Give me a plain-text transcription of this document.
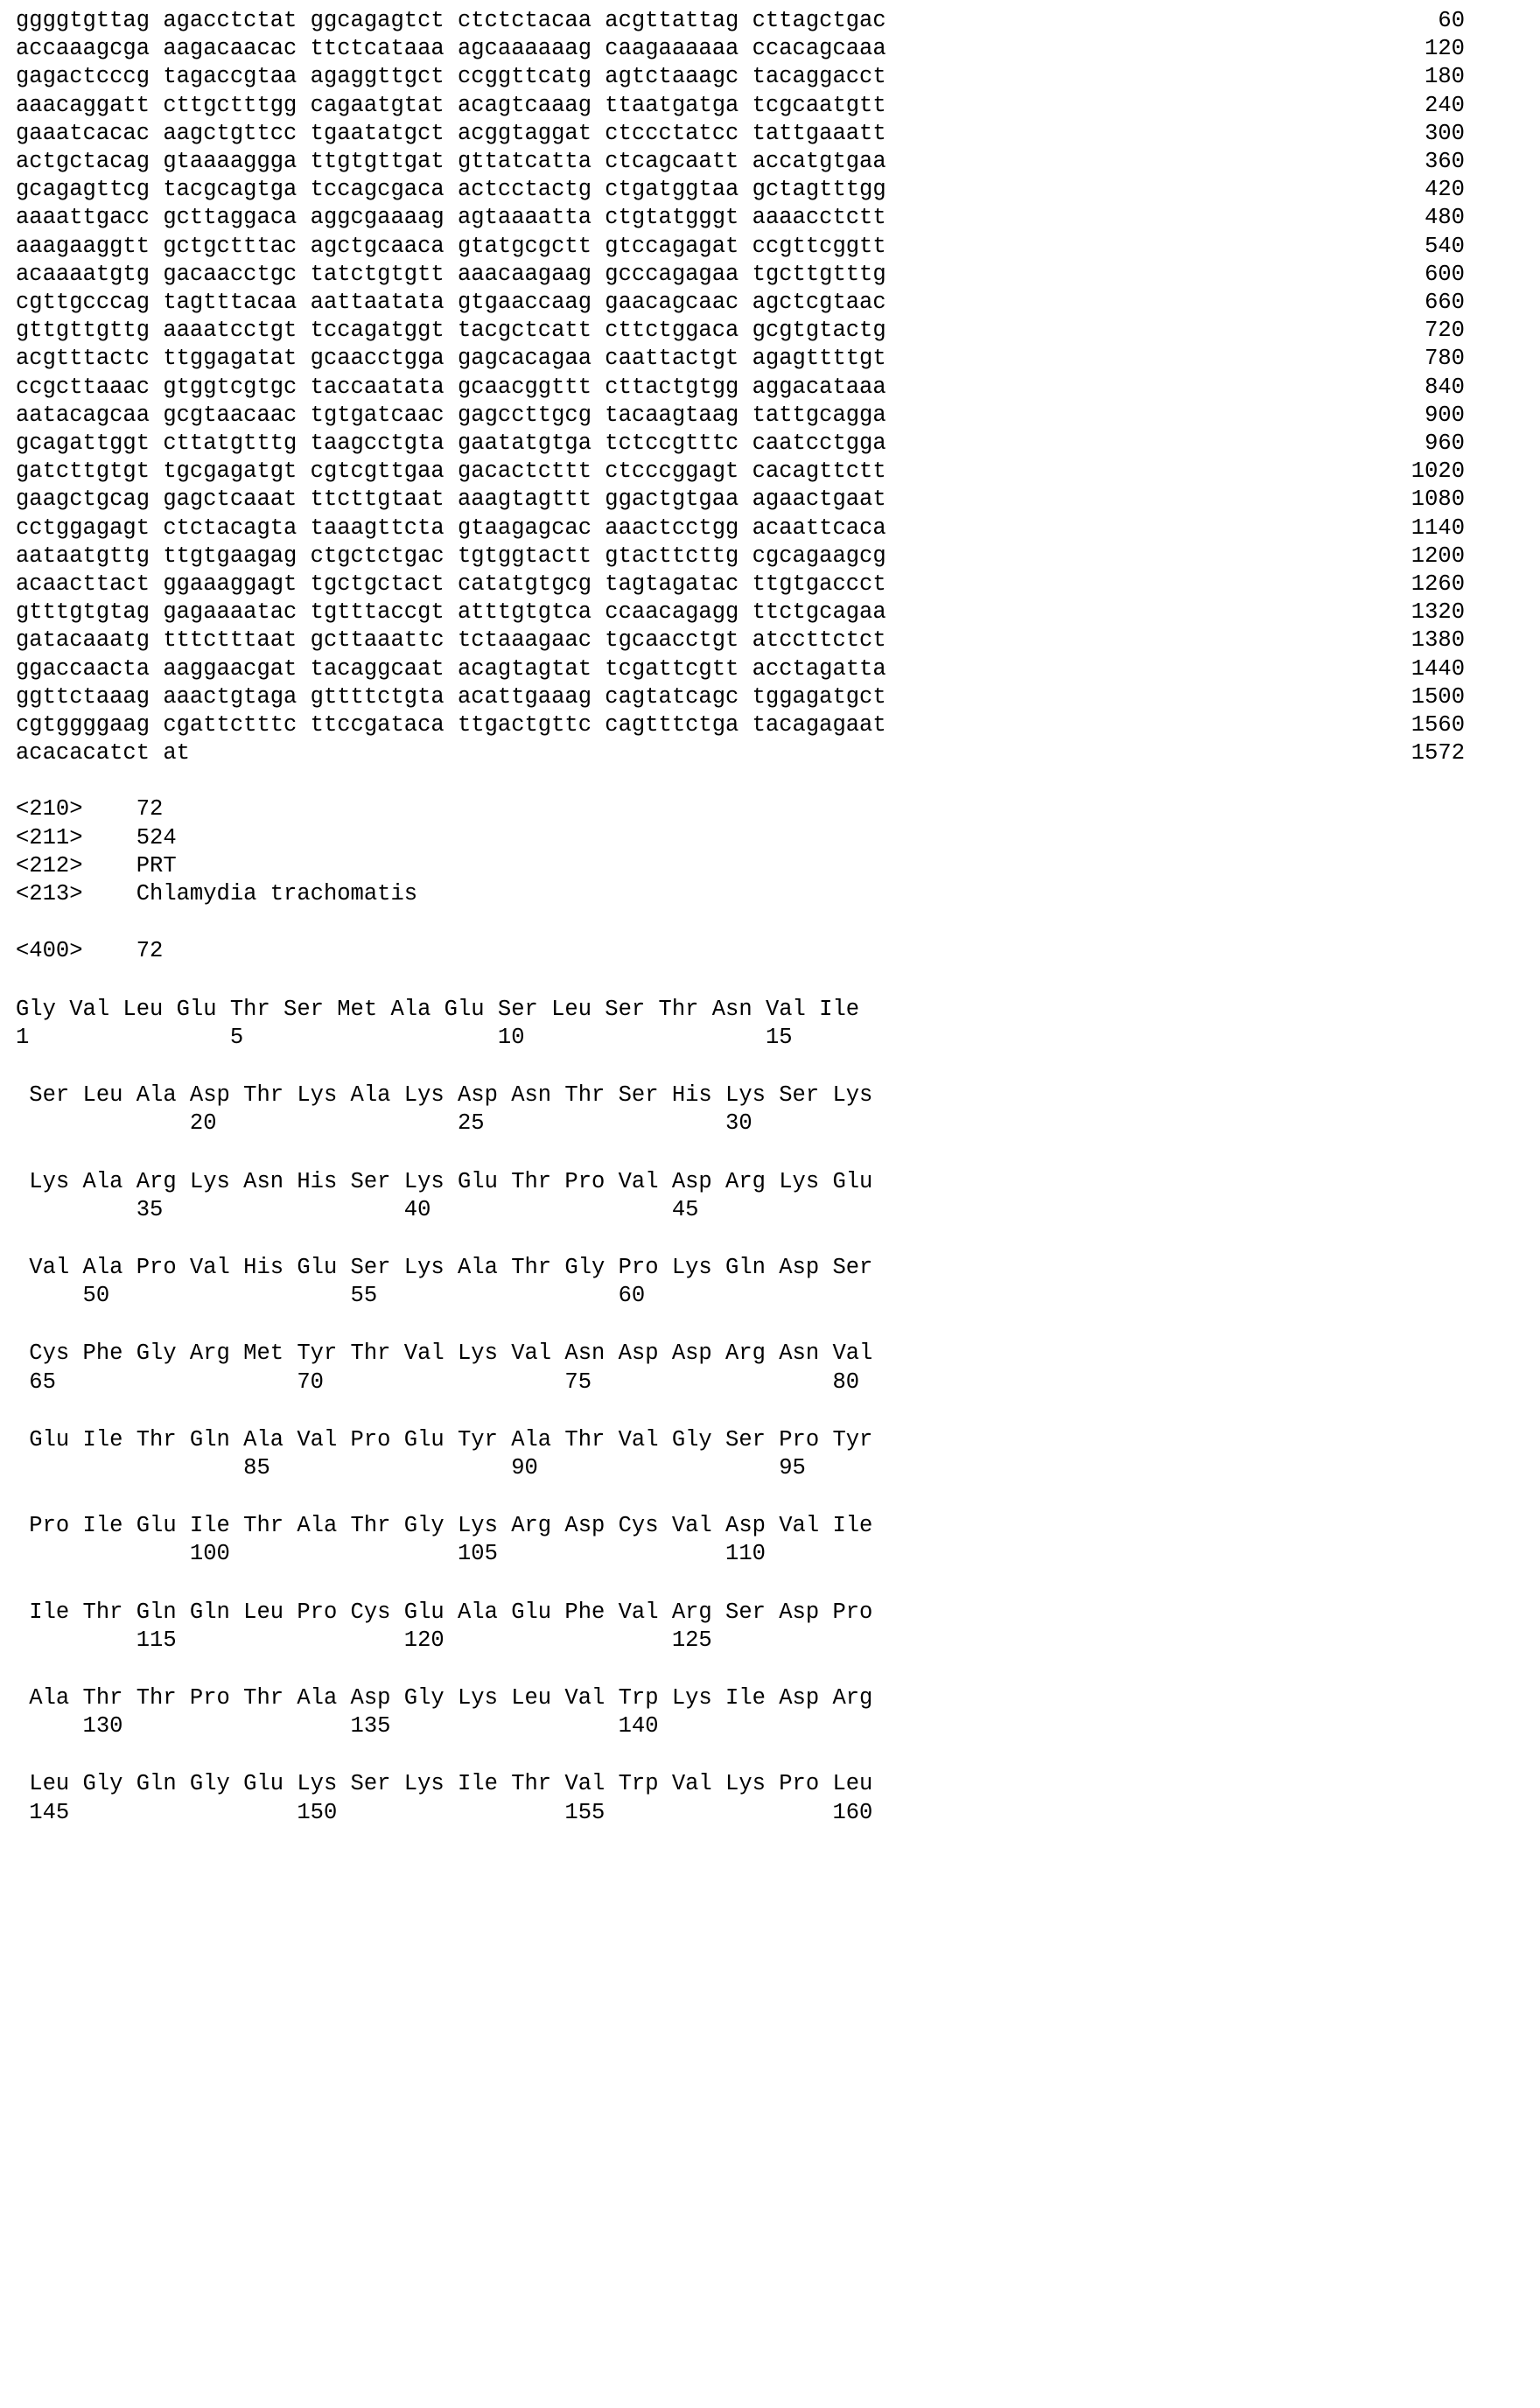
ggggtgttag agacctctat ggcagagtct ctctctacaa acgttattag cttagctgac	60
accaaagcga aagacaacac ttctcataaa agcaaaaaag caagaaaaaa ccacagcaaa	120
gagactcccg tagaccgtaa agaggttgct ccggttcatg agtctaaagc tacaggacct	180
aaacaggatt cttgctttgg cagaatgtat acagtcaaag ttaatgatga tcgcaatgtt	240
gaaatcacac aagctgttcc tgaatatgct acggtaggat ctccctatcc tattgaaatt	300
actgctacag gtaaaaggga ttgtgttgat gttatcatta ctcagcaatt accatgtgaa	360
gcagagttcg tacgcagtga tccagcgaca actcctactg ctgatggtaa gctagtttgg	420
aaaattgacc gcttaggaca aggcgaaaag agtaaaatta ctgtatgggt aaaacctctt	480
aaagaaggtt gctgctttac agctgcaaca gtatgcgctt gtccagagat ccgttcggtt	540
acaaaatgtg gacaacctgc tatctgtgtt aaacaagaag gcccagagaa tgcttgtttg	600
cgttgcccag tagtttacaa aattaatata gtgaaccaag gaacagcaac agctcgtaac	660
gttgttgttg aaaatcctgt tccagatggt tacgctcatt cttctggaca gcgtgtactg	720
acgtttactc ttggagatat gcaacctgga gagcacagaa caattactgt agagttttgt	780
ccgcttaaac gtggtcgtgc taccaatata gcaacggttt cttactgtgg aggacataaa	840
aatacagcaa gcgtaacaac tgtgatcaac gagccttgcg tacaagtaag tattgcagga	900
gcagattggt cttatgtttg taagcctgta gaatatgtga tctccgtttc caatcctgga	960
gatcttgtgt tgcgagatgt cgtcgttgaa gacactcttt ctcccggagt cacagttctt	1020
gaagctgcag gagctcaaat ttcttgtaat aaagtagttt ggactgtgaa agaactgaat	1080
cctggagagt ctctacagta taaagttcta gtaagagcac aaactcctgg acaattcaca	1140
aataatgttg ttgtgaagag ctgctctgac tgtggtactt gtacttcttg cgcagaagcg	1200
acaacttact ggaaaggagt tgctgctact catatgtgcg tagtagatac ttgtgaccct	1260
gtttgtgtag gagaaaatac tgtttaccgt atttgtgtca ccaacagagg ttctgcagaa	1320
gatacaaatg tttctttaat gcttaaattc tctaaagaac tgcaacctgt atccttctct	1380
ggaccaacta aaggaacgat tacaggcaat acagtagtat tcgattcgtt acctagatta	1440
ggttctaaag aaactgtaga gttttctgta acattgaaag cagtatcagc tggagatgct	1500
cgtggggaag cgattctttc ttccgataca ttgactgttc cagtttctga tacagagaat	1560
acacacatct at	1572
<210>    72
<211>    524
<212>    PRT
<213>    Chlamydia trachomatis

<400>    72
Gly Val Leu Glu Thr Ser Met Ala Glu Ser Leu Ser Thr Asn Val Ile
1               5                   10                  15
Ser Leu Ala Asp Thr Lys Ala Lys Asp Asn Thr Ser His Lys Ser Lys
20                  25                  30
Lys Ala Arg Lys Asn His Ser Lys Glu Thr Pro Val Asp Arg Lys Glu
35                  40                  45
Val Ala Pro Val His Glu Ser Lys Ala Thr Gly Pro Lys Gln Asp Ser
50                  55                  60
Cys Phe Gly Arg Met Tyr Thr Val Lys Val Asn Asp Asp Arg Asn Val
65                  70                  75                  80
Glu Ile Thr Gln Ala Val Pro Glu Tyr Ala Thr Val Gly Ser Pro Tyr
85                  90                  95
Pro Ile Glu Ile Thr Ala Thr Gly Lys Arg Asp Cys Val Asp Val Ile
100                 105                 110
Ile Thr Gln Gln Leu Pro Cys Glu Ala Glu Phe Val Arg Ser Asp Pro
115                 120                 125
Ala Thr Thr Pro Thr Ala Asp Gly Lys Leu Val Trp Lys Ile Asp Arg
130                 135                 140
Leu Gly Gln Gly Glu Lys Ser Lys Ile Thr Val Trp Val Lys Pro Leu
145                 150                 155                 160
